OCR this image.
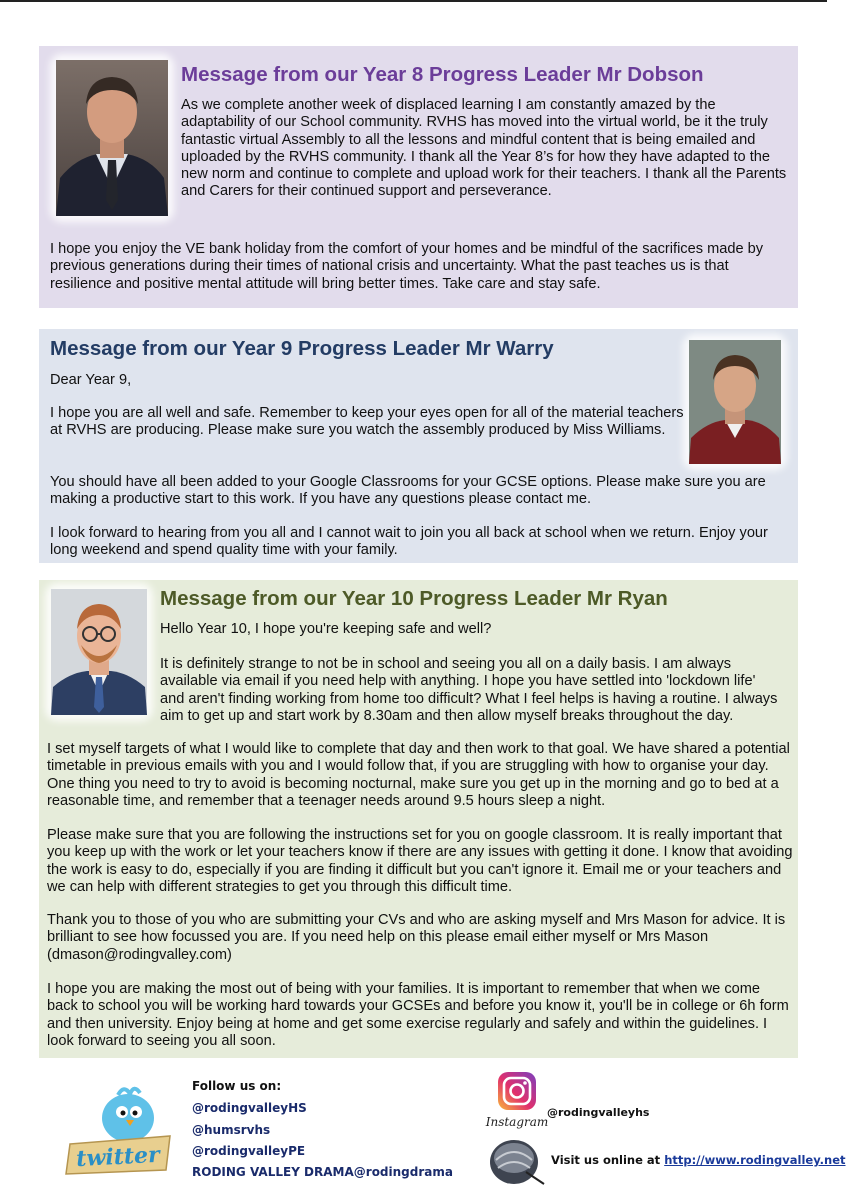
Message from our Year 8 Progress Leader Mr Dobson

As we complete another week of displaced learning I am constantly amazed by the adaptability of our School community. RVHS has moved into the virtual world, be it the truly fantastic virtual Assembly to all the lessons and mindful content that is being emailed and uploaded by the RVHS community. I thank all the Year 8’s for how they have adapted to the new norm and continue to complete and upload work for their teachers. I thank all the Parents and Carers for their continued support and perseverance.

I hope you enjoy the VE bank holiday from the comfort of your homes and be mindful of the sacrifices made by previous generations during their times of national crisis and uncertainty. What the past teaches us is that resilience and positive mental attitude will bring better times. Take care and stay safe.

Message from our Year 9 Progress Leader Mr Warry

Dear Year 9,

I hope you are all well and safe. Remember to keep your eyes open for all of the material teachers at RVHS are producing. Please make sure you watch the assembly produced by Miss Williams.

You should have all been added to your Google Classrooms for your GCSE options. Please make sure you are making a productive start to this work. If you have any questions please contact me.

I look forward to hearing from you all and I cannot wait to join you all back at school when we return. Enjoy your long weekend and spend quality time with your family.

Message from our Year 10 Progress Leader Mr Ryan

Hello Year 10, I hope you're keeping safe and well?

It is definitely strange to not be in school and seeing you all on a daily basis. I am always available via email if you need help with anything. I hope you have settled into 'lockdown life' and aren't finding working from home too difficult? What I feel helps is having a routine. I always aim to get up and start work by 8.30am and then allow myself breaks throughout the day.

I set myself targets of what I would like to complete that day and then work to that goal. We have shared a potential timetable in previous emails with you and I would follow that, if you are struggling with how to organise your day. One thing you need to try to avoid is becoming nocturnal, make sure you get up in the morning and go to bed at a reasonable time, and remember that a teenager needs around 9.5 hours sleep a night.

Please make sure that you are following the instructions set for you on google classroom. It is really important that you keep up with the work or let your teachers know if there are any issues with getting it done. I know that avoiding the work is easy to do, especially if you are finding it difficult but you can't ignore it. Email me or your teachers and we can help with different strategies to get you through this difficult time.

Thank you to those of you who are submitting your CVs and who are asking myself and Mrs Mason for advice. It is brilliant to see how focussed you are. If you need help on this please email either myself or Mrs Mason (dmason@rodingvalley.com)

I hope you are making the most out of being with your families. It is important to remember that when we come back to school you will be working hard towards your GCSEs and before you know it, you'll be in college or 6h form and then university. Enjoy being at home and get some exercise regularly and safely and within the guidelines. I look forward to seeing you all soon.

twitter
Follow us on:
@rodingvalleyHS
@humsrvhs
@rodingvalleyPE
RODING VALLEY DRAMA@rodingdrama
Instagram
@rodingvalleyhs
Visit us online at http://www.rodingvalley.net
